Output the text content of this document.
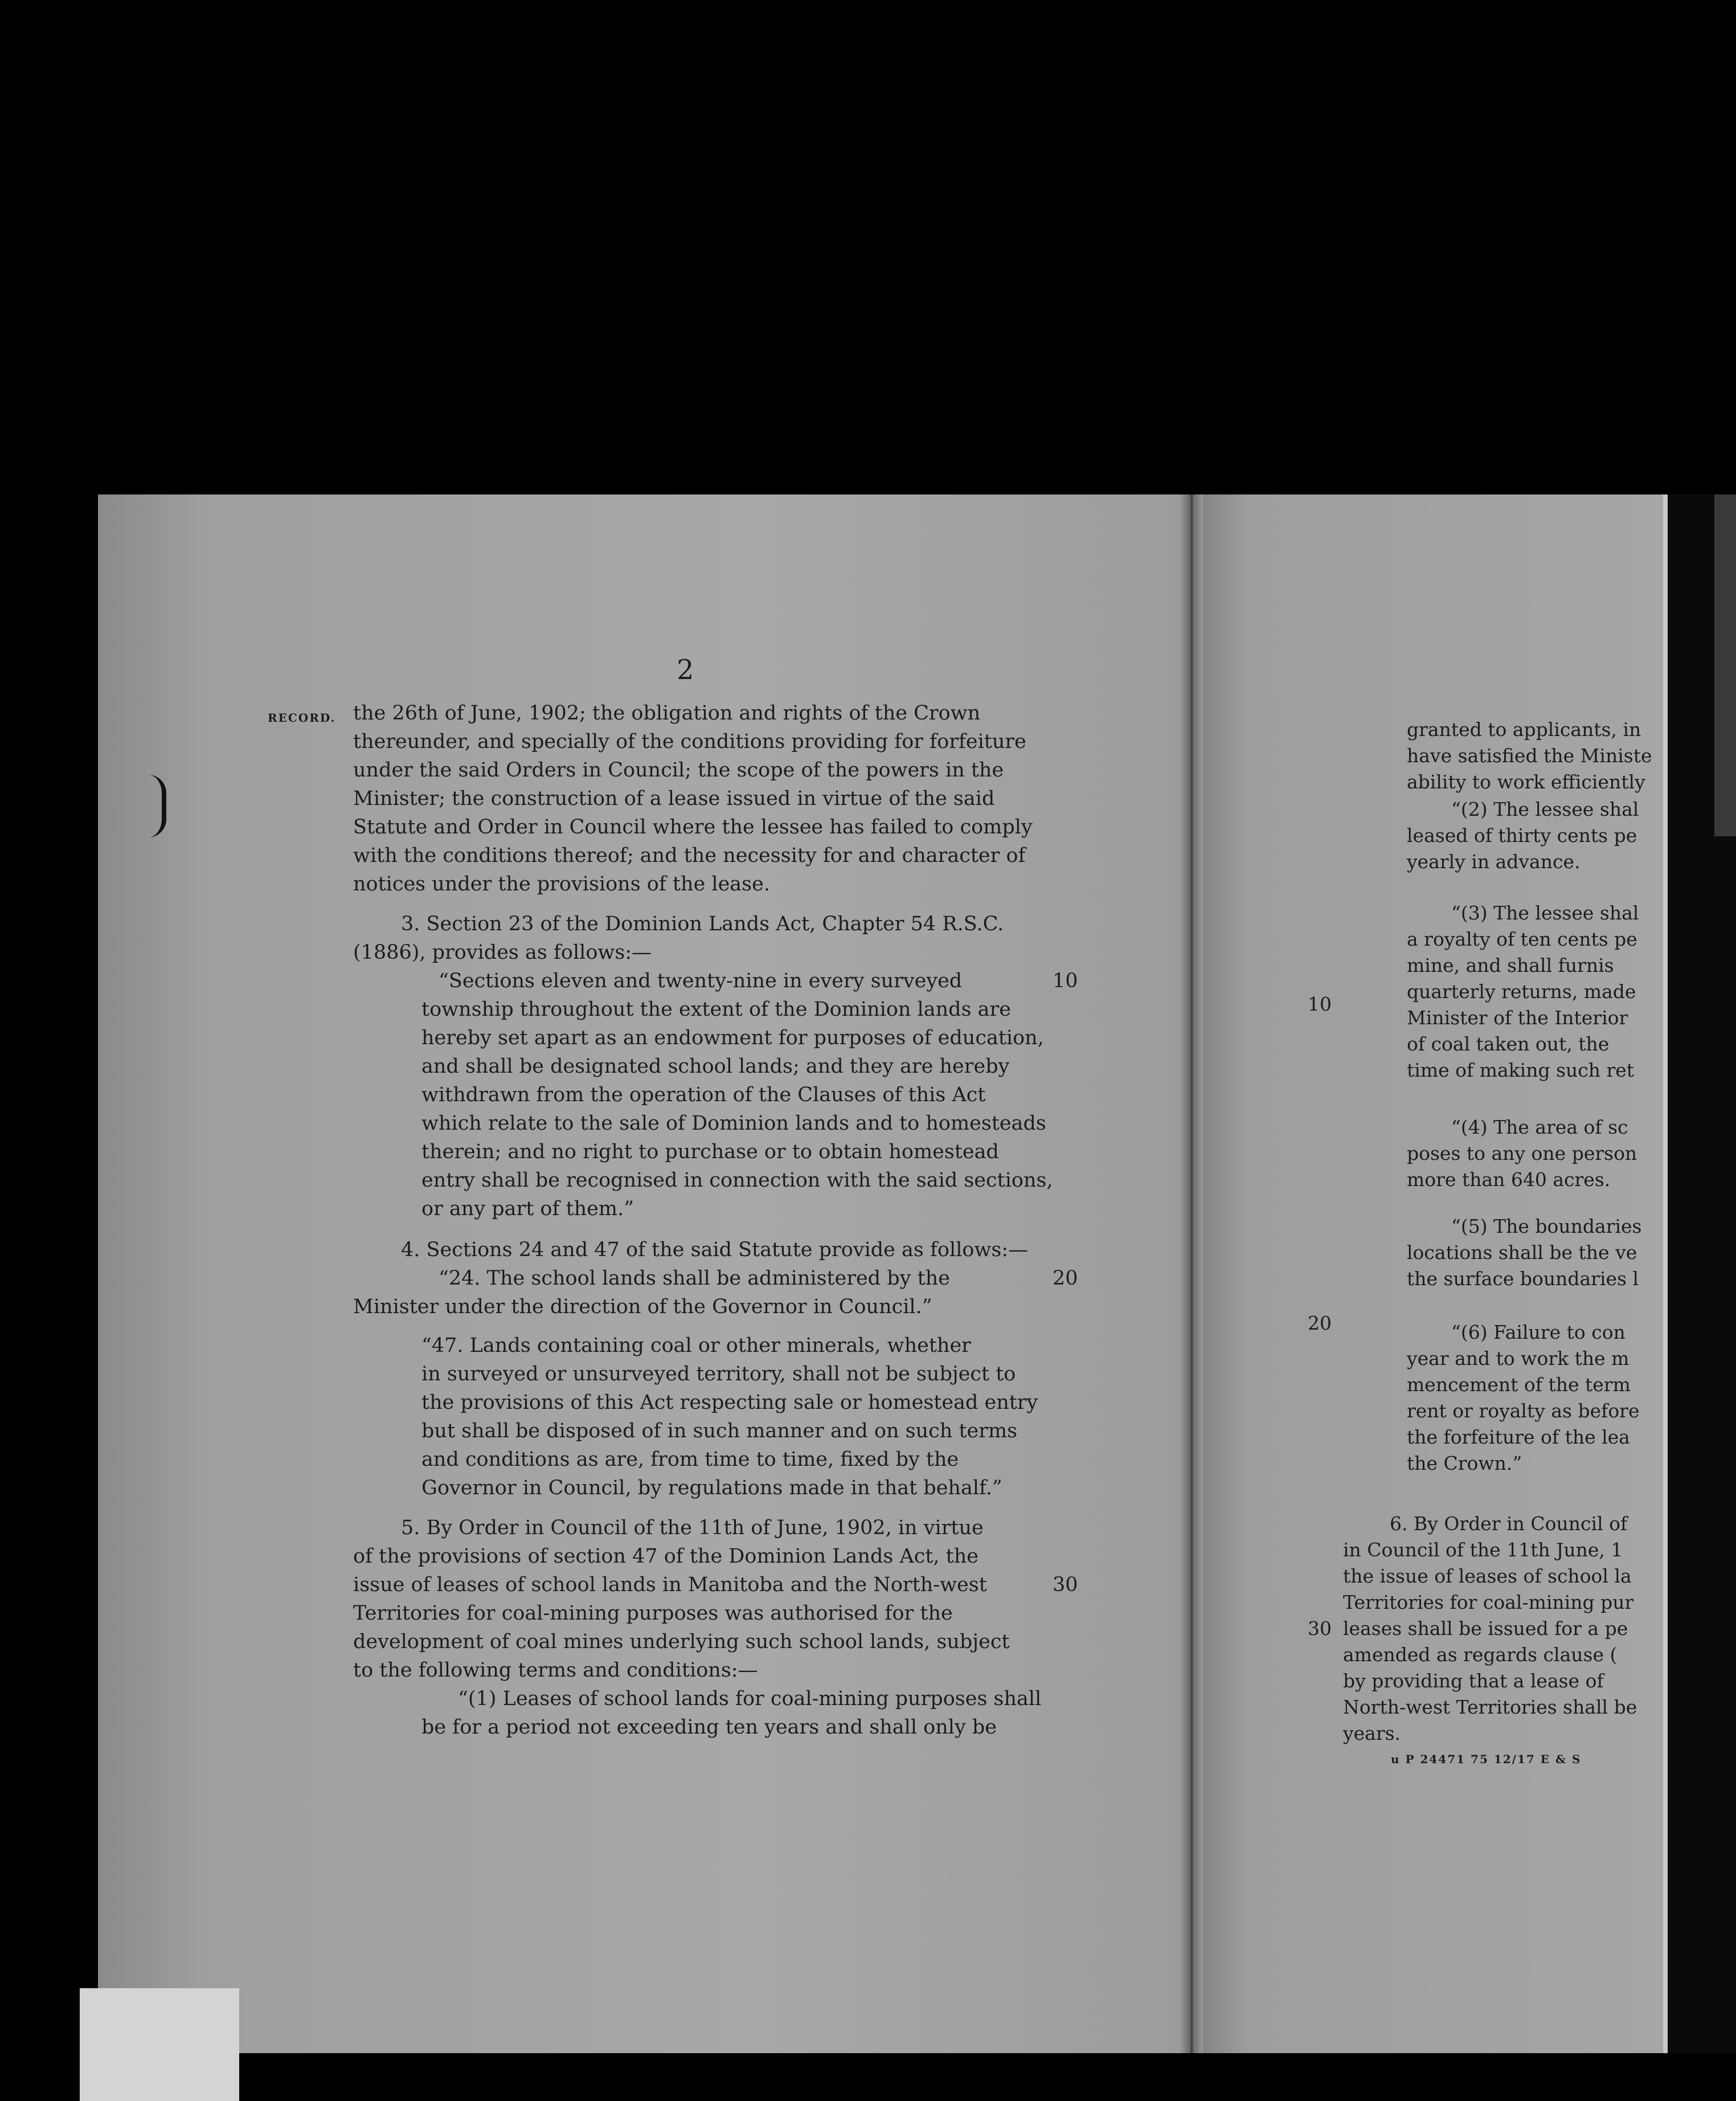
2
RECORD. the 26th of June, 1902; the obligation and rights of the Crown
thereunder, and specially of the conditions providing for forfeiture
under the said Orders in Council; the scope of the powers in the
Minister; the construction of a lease issued in virtue of the said
Statute and Order in Council where the lessee has failed to comply
with the conditions thereof; and the necessity for and character of
notices under the provisions of the lease.
3. Section 23 of the Dominion Lands Act, Chapter 54 R.S.C.
(1886), provides as follows:—
“Sections eleven and twenty-nine in every surveyed
township throughout the extent of the Dominion lands are
hereby set apart as an endowment for purposes of education,
and shall be designated school lands; and they are hereby
withdrawn from the operation of the Clauses of this Act
which relate to the sale of Dominion lands and to homesteads
therein; and no right to purchase or to obtain homestead
entry shall be recognised in connection with the said sections,
or any part of them.”
4. Sections 24 and 47 of the said Statute provide as follows:—
“24. The school lands shall be administered by the
Minister under the direction of the Governor in Council.”
“47. Lands containing coal or other minerals, whether
in surveyed or unsurveyed territory, shall not be subject to
the provisions of this Act respecting sale or homestead entry
but shall be disposed of in such manner and on such terms
and conditions as are, from time to time, fixed by the
Governor in Council, by regulations made in that behalf.”
5. By Order in Council of the 11th of June, 1902, in virtue
of the provisions of section 47 of the Dominion Lands Act, the
issue of leases of school lands in Manitoba and the North-west
Territories for coal-mining purposes was authorised for the
development of coal mines underlying such school lands, subject
to the following terms and conditions:—
“(1) Leases of school lands for coal-mining purposes shall
be for a period not exceeding ten years and shall only be
10
20
30
granted to applicants, in
have satisfied the Ministe
ability to work efficiently
“(2) The lessee shal
leased of thirty cents pe
yearly in advance.
“(3) The lessee shal
a royalty of ten cents pe
mine, and shall furnis
quarterly returns, made
Minister of the Interior
of coal taken out, the
time of making such ret
“(4) The area of sc
poses to any one person
more than 640 acres.
“(5) The boundaries
locations shall be the ve
the surface boundaries l
“(6) Failure to con
year and to work the m
mencement of the term
rent or royalty as before
the forfeiture of the lea
the Crown.”
6. By Order in Council of
in Council of the 11th June, 1
the issue of leases of school la
Territories for coal-mining pur
leases shall be issued for a pe
amended as regards clause (
by providing that a lease of
North-west Territories shall be
years.
10
20
30
u P 24471 75 12/17 E & S
